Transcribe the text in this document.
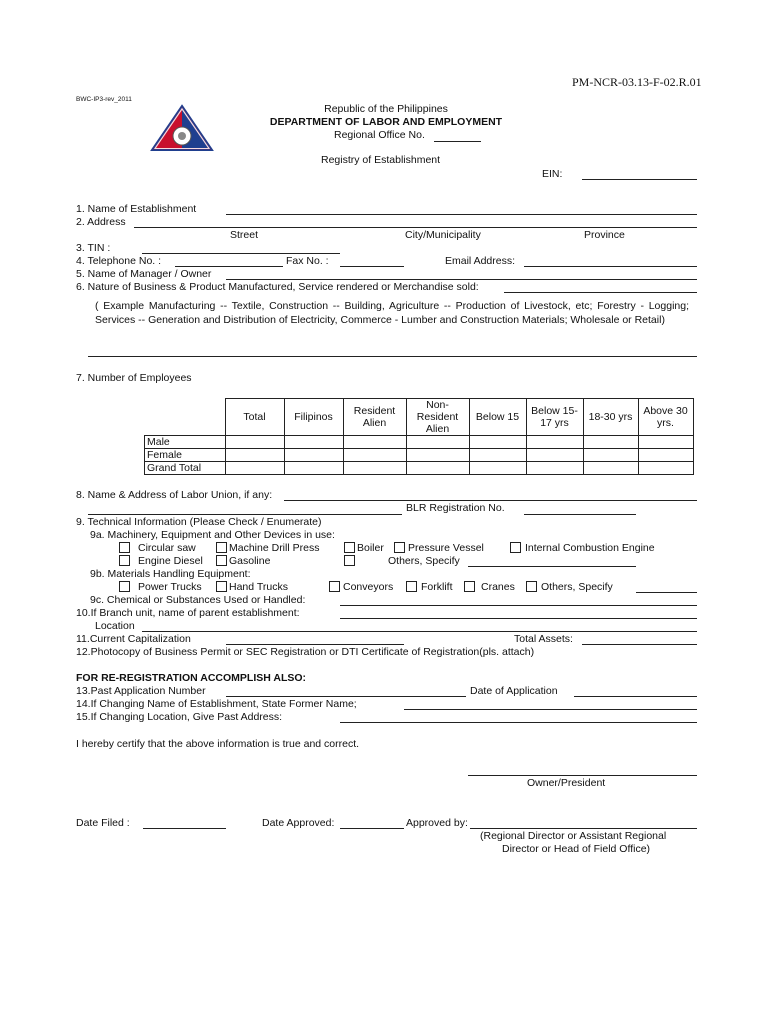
PM-NCR-03.13-F-02.R.01
BWC-IP3-rev_2011
Republic of the Philippines
DEPARTMENT OF LABOR AND EMPLOYMENT
Regional Office No.
Registry of Establishment
EIN:
1. Name of Establishment
2. Address
Street	City/Municipality	Province
3. TIN :
4. Telephone No. :	Fax No. :	Email Address:
5. Name of Manager / Owner
6. Nature of Business & Product Manufactured, Service rendered or Merchandise sold:
( Example Manufacturing -- Textile, Construction -- Building, Agriculture -- Production of Livestock, etc; Forestry - Logging; Services -- Generation and Distribution of Electricity, Commerce - Lumber and Construction Materials; Wholesale or Retail)
7. Number of Employees
	Total	Filipinos	Resident Alien	Non-Resident Alien	Below 15	Below 15-17 yrs	18-30 yrs	Above 30 yrs.
Male								
Female								
Grand Total								
8. Name & Address of Labor Union, if any:
BLR Registration No.
9. Technical Information (Please Check / Enumerate)
9a. Machinery, Equipment and Other Devices in use:
Circular saw	Machine Drill Press	Boiler Pressure Vessel	Internal Combustion Engine
Engine Diesel Gasoline	Others, Specify
9b. Materials Handling Equipment:
Power Trucks	Hand Trucks	Conveyors	Forklift	Cranes Others, Specify
9c. Chemical or Substances Used or Handled:
10.If Branch unit, name of parent establishment:
Location
11.Current Capitalization	Total Assets:
12.Photocopy of Business Permit or SEC Registration or DTI Certificate of Registration(pls. attach)
FOR RE-REGISTRATION ACCOMPLISH ALSO:
13.Past Application Number	Date of Application
14.If Changing Name of Establishment, State Former Name;
15.If Changing Location, Give Past Address:
I hereby certify that the above information is true and correct.
Owner/President
Date Filed :	Date Approved:	Approved by:
(Regional Director or Assistant Regional
Director or Head of Field Office)
